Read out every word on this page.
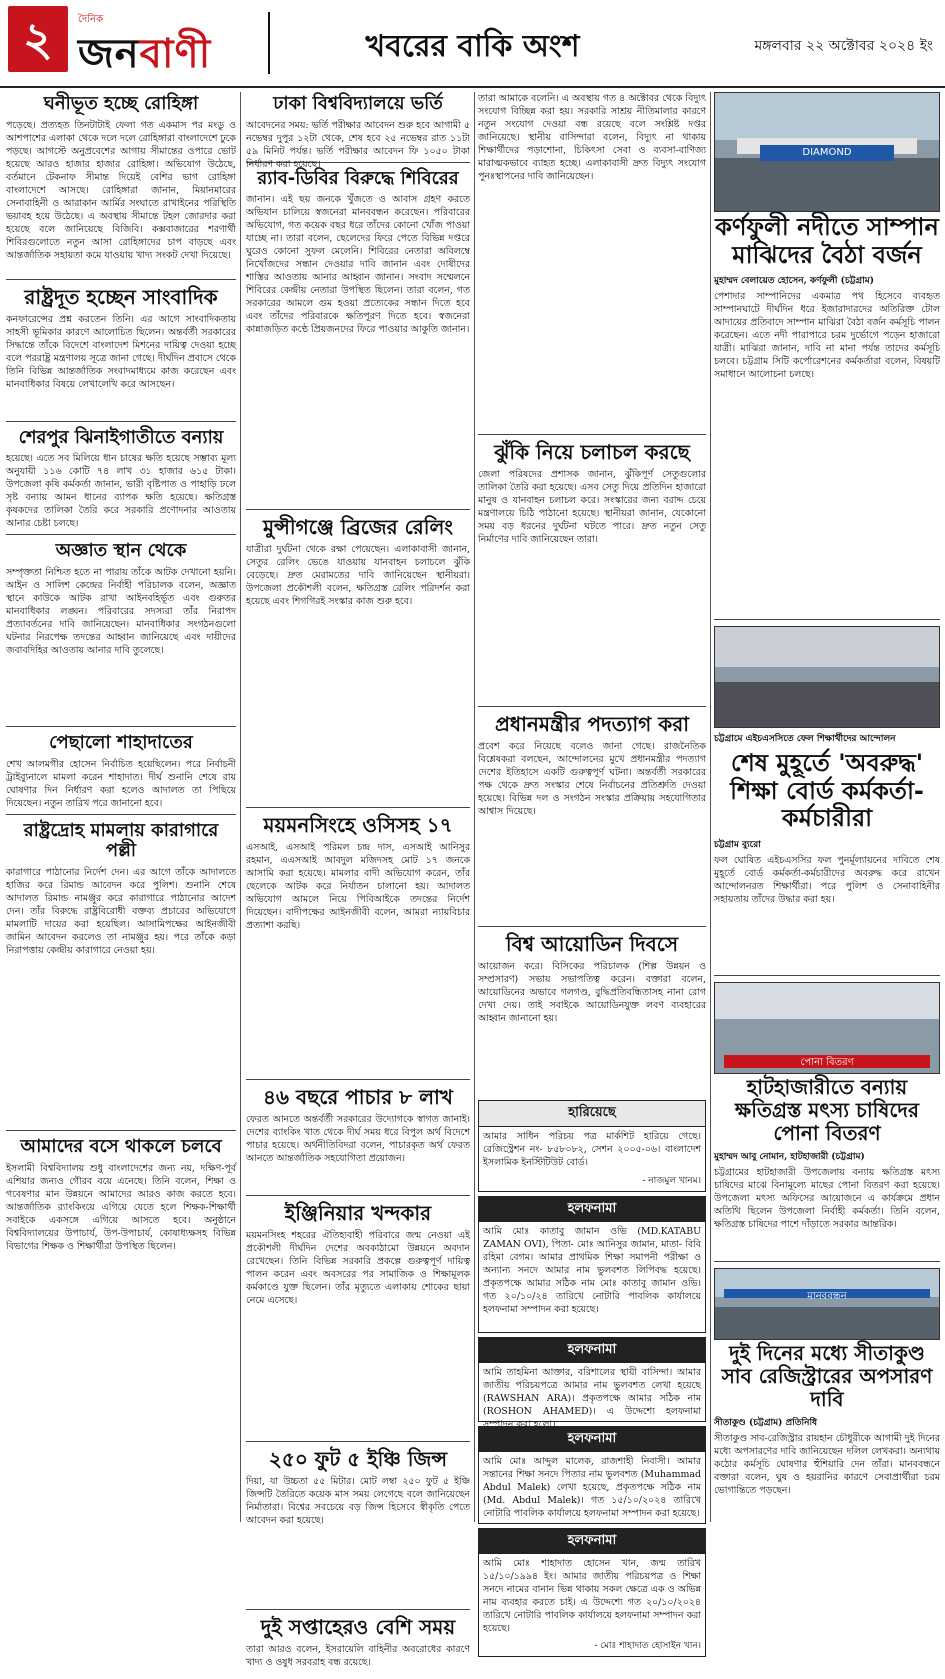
২	দৈনিক
জনবাণী	খবরের বাকি অংশ	মঙ্গলবার ২২ অক্টোবর ২০২৪ ইং
ঘনীভূত হচ্ছে রোহিঙ্গা

পড়েছে। প্রত্যহত তিনটাটাই ফেলা গত একমাস পর মংডু ও আশপাশের এলাকা থেকে দলে দলে রোহিঙ্গারা বাংলাদেশে ঢুকে পড়ছে। আগস্টে অনুপ্রবেশের আগায় সীমান্তের ওপারে ভোট হয়েছে আরও হাজার হাজার রোহিঙ্গা। অভিযোগ উঠেছে, বর্তমানে টেকনাফ সীমান্ত দিয়েই বেশির ভাগ রোহিঙ্গা বাংলাদেশে আসছে। রোহিঙ্গারা জানান, মিয়ানমারের সেনাবাহিনী ও আরাকান আর্মির সংঘাতে রাখাইনের পরিস্থিতি ভয়াবহ হয়ে উঠেছে। এ অবস্থায় সীমান্তে টহল জোরদার করা হয়েছে বলে জানিয়েছে বিজিবি। কক্সবাজারের শরণার্থী শিবিরগুলোতে নতুন আসা রোহিঙ্গাদের চাপ বাড়ছে এবং আন্তর্জাতিক সহায়তা কমে যাওয়ায় খাদ্য সংকট দেখা দিয়েছে।

রাষ্ট্রদূত হচ্ছেন সাংবাদিক

কনফারেন্সের প্রশ্ন করতেন তিনি। এর আগে সাংবাদিকতায় সাহসী ভূমিকার কারণে আলোচিত ছিলেন। অন্তর্বর্তী সরকারের সিদ্ধান্তে তাঁকে বিদেশে বাংলাদেশ মিশনের দায়িত্ব দেওয়া হচ্ছে বলে পররাষ্ট্র মন্ত্রণালয় সূত্রে জানা গেছে। দীর্ঘদিন প্রবাসে থেকে তিনি বিভিন্ন আন্তর্জাতিক সংবাদমাধ্যমে কাজ করেছেন এবং মানবাধিকার বিষয়ে লেখালেখি করে আসছেন।

শেরপুর ঝিনাইগাতীতে বন্যায়

হয়েছে। এতে সব মিলিয়ে ধান চাষের ক্ষতি হয়েছে সম্ভাব্য মূল্য অনুযায়ী ১১৬ কোটি ৭৪ লাখ ৩১ হাজার ৬১৫ টাকা। উপজেলা কৃষি কর্মকর্তা জানান, ভারী বৃষ্টিপাত ও পাহাড়ি ঢলে সৃষ্ট বন্যায় আমন ধানের ব্যাপক ক্ষতি হয়েছে। ক্ষতিগ্রস্ত কৃষকদের তালিকা তৈরি করে সরকারি প্রণোদনার আওতায় আনার চেষ্টা চলছে।

অজ্ঞাত স্থান থেকে

সম্পৃক্ততা নিশ্চিত হতে না পারায় তাঁকে আটক দেখানো হয়নি। আইন ও সালিশ কেন্দ্রের নির্বাহী পরিচালক বলেন, অজ্ঞাত স্থানে কাউকে আটক রাখা আইনবহির্ভূত এবং গুরুতর মানবাধিকার লঙ্ঘন। পরিবারের সদস্যরা তাঁর নিরাপদ প্রত্যাবর্তনের দাবি জানিয়েছেন। মানবাধিকার সংগঠনগুলো ঘটনার নিরপেক্ষ তদন্তের আহ্বান জানিয়েছে এবং দায়ীদের জবাবদিহির আওতায় আনার দাবি তুলেছে।

পেছালো শাহাদাতের

শেখ আলমগীর হোসেন নির্বাচিত হয়েছিলেন। পরে নির্বাচনী ট্রাইব্যুনালে মামলা করেন শাহাদাত। দীর্ঘ শুনানি শেষে রায় ঘোষণার দিন নির্ধারণ করা হলেও আদালত তা পিছিয়ে দিয়েছেন। নতুন তারিখ পরে জানানো হবে।

রাষ্ট্রদ্রোহ মামলায় কারাগারে পল্লী

কারাগারে পাঠানোর নির্দেশ দেন। এর আগে তাঁকে আদালতে হাজির করে রিমান্ড আবেদন করে পুলিশ। শুনানি শেষে আদালত রিমান্ড নামঞ্জুর করে কারাগারে পাঠানোর আদেশ দেন। তাঁর বিরুদ্ধে রাষ্ট্রবিরোধী বক্তব্য প্রচারের অভিযোগে মামলাটি দায়ের করা হয়েছিল। আসামিপক্ষের আইনজীবী জামিন আবেদন করলেও তা নামঞ্জুর হয়। পরে তাঁকে কড়া নিরাপত্তায় কেন্দ্রীয় কারাগারে নেওয়া হয়।

আমাদের বসে থাকলে চলবে

ইসলামী বিশ্ববিদ্যালয় শুধু বাংলাদেশের জন্য নয়, দক্ষিণ-পূর্ব এশিয়ার জন্যও গৌরব বয়ে এনেছে। তিনি বলেন, শিক্ষা ও গবেষণার মান উন্নয়নে আমাদের আরও কাজ করতে হবে। আন্তর্জাতিক র‍্যাংকিংয়ে এগিয়ে যেতে হলে শিক্ষক-শিক্ষার্থী সবাইকে একসঙ্গে এগিয়ে আসতে হবে। অনুষ্ঠানে বিশ্ববিদ্যালয়ের উপাচার্য, উপ-উপাচার্য, কোষাধ্যক্ষসহ বিভিন্ন বিভাগের শিক্ষক ও শিক্ষার্থীরা উপস্থিত ছিলেন।

ঢাকা বিশ্ববিদ্যালয়ে ভর্তি

আবেদনের সময়: ভর্তি পরীক্ষার আবেদন শুরু হবে আগামী ৫ নভেম্বর দুপুর ১২টা থেকে, শেষ হবে ২৫ নভেম্বর রাত ১১টা ৫৯ মিনিট পর্যন্ত। ভর্তি পরীক্ষার আবেদন ফি ১০৫০ টাকা নির্ধারণ করা হয়েছে।

র‍্যাব-ডিবির বিরুদ্ধে শিবিরের

জানান। এই ছয় জনকে খুঁজতে ও আবাস গ্রহণ করতে অভিযান চালিয়ে স্বজনেরা মানববন্ধন করেছেন। পরিবারের অভিযোগ, গত কয়েক বছর ধরে তাঁদের কোনো খোঁজ পাওয়া যাচ্ছে না। তারা বলেন, ছেলেদের ফিরে পেতে বিভিন্ন দপ্তরে ঘুরেও কোনো সুফল মেলেনি। শিবিরের নেতারা অবিলম্বে নিখোঁজদের সন্ধান দেওয়ার দাবি জানান এবং দোষীদের শাস্তির আওতায় আনার আহ্বান জানান। সংবাদ সম্মেলনে শিবিরের কেন্দ্রীয় নেতারা উপস্থিত ছিলেন। তারা বলেন, গত সরকারের আমলে গুম হওয়া প্রত্যেকের সন্ধান দিতে হবে এবং তাঁদের পরিবারকে ক্ষতিপূরণ দিতে হবে। স্বজনেরা কান্নাজড়িত কণ্ঠে প্রিয়জনদের ফিরে পাওয়ার আকুতি জানান।

মুন্সীগঞ্জে ব্রিজের রেলিং

যাত্রীরা দুর্ঘটনা থেকে রক্ষা পেয়েছেন। এলাকাবাসী জানান, সেতুর রেলিং ভেঙে যাওয়ায় যানবাহন চলাচলে ঝুঁকি বেড়েছে। দ্রুত মেরামতের দাবি জানিয়েছেন স্থানীয়রা। উপজেলা প্রকৌশলী বলেন, ক্ষতিগ্রস্ত রেলিং পরিদর্শন করা হয়েছে এবং শিগগিরই সংস্কার কাজ শুরু হবে।

ময়মনসিংহে ওসিসহ ১৭

এসআই, এসআই পরিমল চন্দ্র দাস, এসআই আনিসুর রহমান, এএসআই আবদুল মজিদসহ মোট ১৭ জনকে আসামি করা হয়েছে। মামলার বাদী অভিযোগ করেন, তাঁর ছেলেকে আটক করে নির্যাতন চালানো হয়। আদালত অভিযোগ আমলে নিয়ে পিবিআইকে তদন্তের নির্দেশ দিয়েছেন। বাদীপক্ষের আইনজীবী বলেন, আমরা ন্যায়বিচার প্রত্যাশা করছি।

৪৬ বছরে পাচার ৮ লাখ

ফেরত আনতে অন্তর্বর্তী সরকারের উদ্যোগকে স্বাগত জানাই। দেশের ব্যাংকিং খাত থেকে দীর্ঘ সময় ধরে বিপুল অর্থ বিদেশে পাচার হয়েছে। অর্থনীতিবিদরা বলেন, পাচারকৃত অর্থ ফেরত আনতে আন্তর্জাতিক সহযোগিতা প্রয়োজন।

ইঞ্জিনিয়ার খন্দকার

ময়মনসিংহ শহরের ঐতিহ্যবাহী পরিবারে জন্ম নেওয়া এই প্রকৌশলী দীর্ঘদিন দেশের অবকাঠামো উন্নয়নে অবদান রেখেছেন। তিনি বিভিন্ন সরকারি প্রকল্পে গুরুত্বপূর্ণ দায়িত্ব পালন করেন এবং অবসরের পর সামাজিক ও শিক্ষামূলক কর্মকাণ্ডে যুক্ত ছিলেন। তাঁর মৃত্যুতে এলাকায় শোকের ছায়া নেমে এসেছে।

২৫০ ফুট ৫ ইঞ্চি জিন্স

দিয়া, যা উচ্চতা ৫৫ মিটার। মোট লম্বা ২৫০ ফুট ৫ ইঞ্চি জিন্সটি তৈরিতে কয়েক মাস সময় লেগেছে বলে জানিয়েছেন নির্মাতারা। বিশ্বের সবচেয়ে বড় জিন্স হিসেবে স্বীকৃতি পেতে আবেদন করা হয়েছে।

দুই সপ্তাহেরও বেশি সময়

তারা আরও বলেন, ইসরায়েলি বাহিনীর অবরোধের কারণে খাদ্য ও ওষুধ সরবরাহ বন্ধ রয়েছে।

তারা আমাকে বলেনি। এ অবস্থায় গত ৪ অক্টোবর থেকে বিদ্যুৎ সংযোগ বিচ্ছিন্ন করা হয়। সরকারি সাশ্রয় নীতিমালার কারণে নতুন সংযোগ দেওয়া বন্ধ রয়েছে বলে সংশ্লিষ্ট দপ্তর জানিয়েছে। স্থানীয় বাসিন্দারা বলেন, বিদ্যুৎ না থাকায় শিক্ষার্থীদের পড়াশোনা, চিকিৎসা সেবা ও ব্যবসা-বাণিজ্য মারাত্মকভাবে ব্যাহত হচ্ছে। এলাকাবাসী দ্রুত বিদ্যুৎ সংযোগ পুনঃস্থাপনের দাবি জানিয়েছেন।

ঝুঁকি নিয়ে চলাচল করছে

জেলা পরিষদের প্রশাসক জানান, ঝুঁকিপূর্ণ সেতুগুলোর তালিকা তৈরি করা হয়েছে। এসব সেতু দিয়ে প্রতিদিন হাজারো মানুষ ও যানবাহন চলাচল করে। সংস্কারের জন্য বরাদ্দ চেয়ে মন্ত্রণালয়ে চিঠি পাঠানো হয়েছে। স্থানীয়রা জানান, যেকোনো সময় বড় ধরনের দুর্ঘটনা ঘটতে পারে। দ্রুত নতুন সেতু নির্মাণের দাবি জানিয়েছেন তারা।

প্রধানমন্ত্রীর পদত্যাগ করা

প্রবেশ করে নিয়েছে বলেও জানা গেছে। রাজনৈতিক বিশ্লেষকরা বলছেন, আন্দোলনের মুখে প্রধানমন্ত্রীর পদত্যাগ দেশের ইতিহাসে একটি গুরুত্বপূর্ণ ঘটনা। অন্তর্বর্তী সরকারের পক্ষ থেকে দ্রুত সংস্কার শেষে নির্বাচনের প্রতিশ্রুতি দেওয়া হয়েছে। বিভিন্ন দল ও সংগঠন সংস্কার প্রক্রিয়ায় সহযোগিতার আশ্বাস দিয়েছে।

বিশ্ব আয়োডিন দিবসে

আয়োজন করে। বিসিকের পরিচালক (শিল্প উন্নয়ন ও সম্প্রসারণ) সভায় সভাপতিত্ব করেন। বক্তারা বলেন, আয়োডিনের অভাবে গলগণ্ড, বুদ্ধিপ্রতিবন্ধিতাসহ নানা রোগ দেখা দেয়। তাই সবাইকে আয়োডিনযুক্ত লবণ ব্যবহারের আহ্বান জানানো হয়।

হারিয়েছে

আমার সাধিন পরিচয় পত্র মার্কশিট হারিয়ে গেছে। রেজিস্ট্রেশন নং- ৮৫৮০৮২, সেশন ২০০৫-০৬। বাংলাদেশ ইসলামিক ইনস্টিটিউট বোর্ড।

- নাজমুল খানম।
হলফনামা

আমি মোঃ কাতাবু জামান ওভি (MD.KATABU ZAMAN OVI), পিতা- মোঃ আনিসুর জামান, মাতা- বিবি রহিমা বেগম। আমার প্রাথমিক শিক্ষা সমাপনী পরীক্ষা ও অন্যান্য সনদে আমার নাম ভুলবশত লিপিবদ্ধ হয়েছে। প্রকৃতপক্ষে আমার সঠিক নাম মোঃ কাতাবু জামান ওভি। গত ২০/১০/২৪ তারিখে নোটারি পাবলিক কার্যালয়ে হলফনামা সম্পাদন করা হয়েছে।

হলফনামা

আমি তাহমিনা আক্তার, বরিশালের স্থায়ী বাসিন্দা। আমার জাতীয় পরিচয়পত্রে আমার নাম ভুলবশত লেখা হয়েছে (RAWSHAN ARA)। প্রকৃতপক্ষে আমার সঠিক নাম (ROSHON AHAMED)। এ উদ্দেশ্যে হলফনামা সম্পাদন করা হলো।

হলফনামা

আমি মোঃ আব্দুল মালেক, রাজশাহী নিবাসী। আমার সন্তানের শিক্ষা সনদে পিতার নাম ভুলবশত (Muhammad Abdul Malek) লেখা হয়েছে, প্রকৃতপক্ষে সঠিক নাম (Md. Abdul Malek)। গত ১৫/১০/২০২৪ তারিখে নোটারি পাবলিক কার্যালয়ে হলফনামা সম্পাদন করা হয়েছে।

হলফনামা

আমি মোঃ শাহাদাত হোসেন খান, জন্ম তারিখ ১৫/১০/১৯৯৪ ইং। আমার জাতীয় পরিচয়পত্র ও শিক্ষা সনদে নামের বানান ভিন্ন থাকায় সকল ক্ষেত্রে এক ও অভিন্ন নাম ব্যবহার করতে চাই। এ উদ্দেশ্যে গত ২০/১০/২০২৪ তারিখে নোটারি পাবলিক কার্যালয়ে হলফনামা সম্পাদন করা হয়েছে।

- মোঃ শাহাদাত হোসাইন খান।
DIAMOND
কর্ণফুলী নদীতে সাম্পান মাঝিদের বৈঠা বর্জন
মুহাম্মদ বেলায়েত হোসেন, কর্ণফুলী (চট্টগ্রাম)

পেশাদার সাম্পানিদের একমাত্র পথ হিসেবে ব্যবহৃত সাম্পানঘাটে দীর্ঘদিন ধরে ইজারাদারদের অতিরিক্ত টোল আদায়ের প্রতিবাদে সাম্পান মাঝিরা বৈঠা বর্জন কর্মসূচি পালন করেছেন। এতে নদী পারাপারে চরম দুর্ভোগে পড়েন হাজারো যাত্রী। মাঝিরা জানান, দাবি না মানা পর্যন্ত তাদের কর্মসূচি চলবে। চট্টগ্রাম সিটি কর্পোরেশনের কর্মকর্তারা বলেন, বিষয়টি সমাধানে আলোচনা চলছে।

চট্টগ্রামে এইচএসসিতে ফেল শিক্ষার্থীদের আন্দোলন
শেষ মুহূর্তে 'অবরুদ্ধ' শিক্ষা বোর্ড কর্মকর্তা-কর্মচারীরা
চট্টগ্রাম ব্যুরো

ফল ঘোষিত এইচএসসির ফল পুনর্মূল্যায়নের দাবিতে শেষ মুহূর্তে বোর্ড কর্মকর্তা-কর্মচারীদের অবরুদ্ধ করে রাখেন আন্দোলনরত শিক্ষার্থীরা। পরে পুলিশ ও সেনাবাহিনীর সহায়তায় তাঁদের উদ্ধার করা হয়।

পোনা বিতরণ
হাটহাজারীতে বন্যায় ক্ষতিগ্রস্ত মৎস্য চাষিদের পোনা বিতরণ
মুহাম্মদ আবু নোমান, হাটহাজারী (চট্টগ্রাম)

চট্টগ্রামের হাটহাজারী উপজেলায় বন্যায় ক্ষতিগ্রস্ত মৎস্য চাষিদের মাঝে বিনামূল্যে মাছের পোনা বিতরণ করা হয়েছে। উপজেলা মৎস্য অফিসের আয়োজনে এ কার্যক্রমে প্রধান অতিথি ছিলেন উপজেলা নির্বাহী কর্মকর্তা। তিনি বলেন, ক্ষতিগ্রস্ত চাষিদের পাশে দাঁড়াতে সরকার আন্তরিক।

মানববন্ধন
দুই দিনের মধ্যে সীতাকুণ্ড সাব রেজিস্ট্রারের অপসারণ দাবি
সীতাকুণ্ড (চট্টগ্রাম) প্রতিনিধি

সীতাকুণ্ড সাব-রেজিস্ট্রার রায়হান চৌধুরীকে আগামী দুই দিনের মধ্যে অপসারণের দাবি জানিয়েছেন দলিল লেখকরা। অন্যথায় কঠোর কর্মসূচি ঘোষণার হুঁশিয়ারি দেন তাঁরা। মানববন্ধনে বক্তারা বলেন, ঘুষ ও হয়রানির কারণে সেবাপ্রার্থীরা চরম ভোগান্তিতে পড়ছেন।
